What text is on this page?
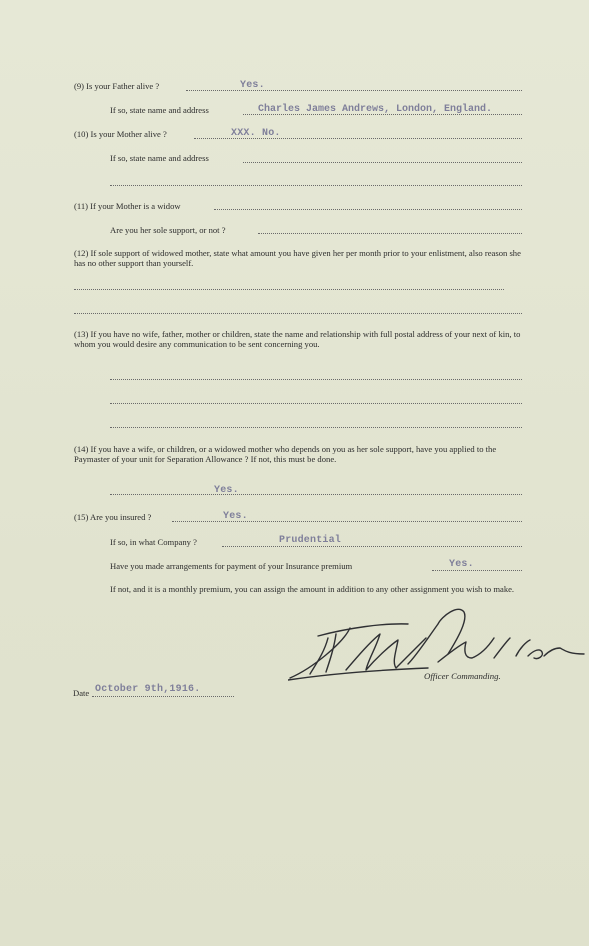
(9) Is your Father alive ?	Yes.
If so, state name and address	Charles James Andrews, London, England.
(10) Is your Mother alive ?	XXX. No.
If so, state name and address
(11) If your Mother is a widow
Are you her sole support, or not ?
(12) If sole support of widowed mother, state what amount you have given her per month prior to your enlistment, also reason she has no other support than yourself.
(13) If you have no wife, father, mother or children, state the name and relationship with full postal address of your next of kin, to whom you would desire any communication to be sent concerning you.
(14) If you have a wife, or children, or a widowed mother who depends on you as her sole support, have you applied to the Paymaster of your unit for Separation Allowance ? If not, this must be done.
Yes.
(15) Are you insured ?	Yes.
If so, in what Company ?	Prudential
Have you made arrangements for payment of your Insurance premium	Yes.
If not, and it is a monthly premium, you can assign the amount in addition to any other assignment you wish to make.
Officer Commanding.
Date October 9th,1916.
